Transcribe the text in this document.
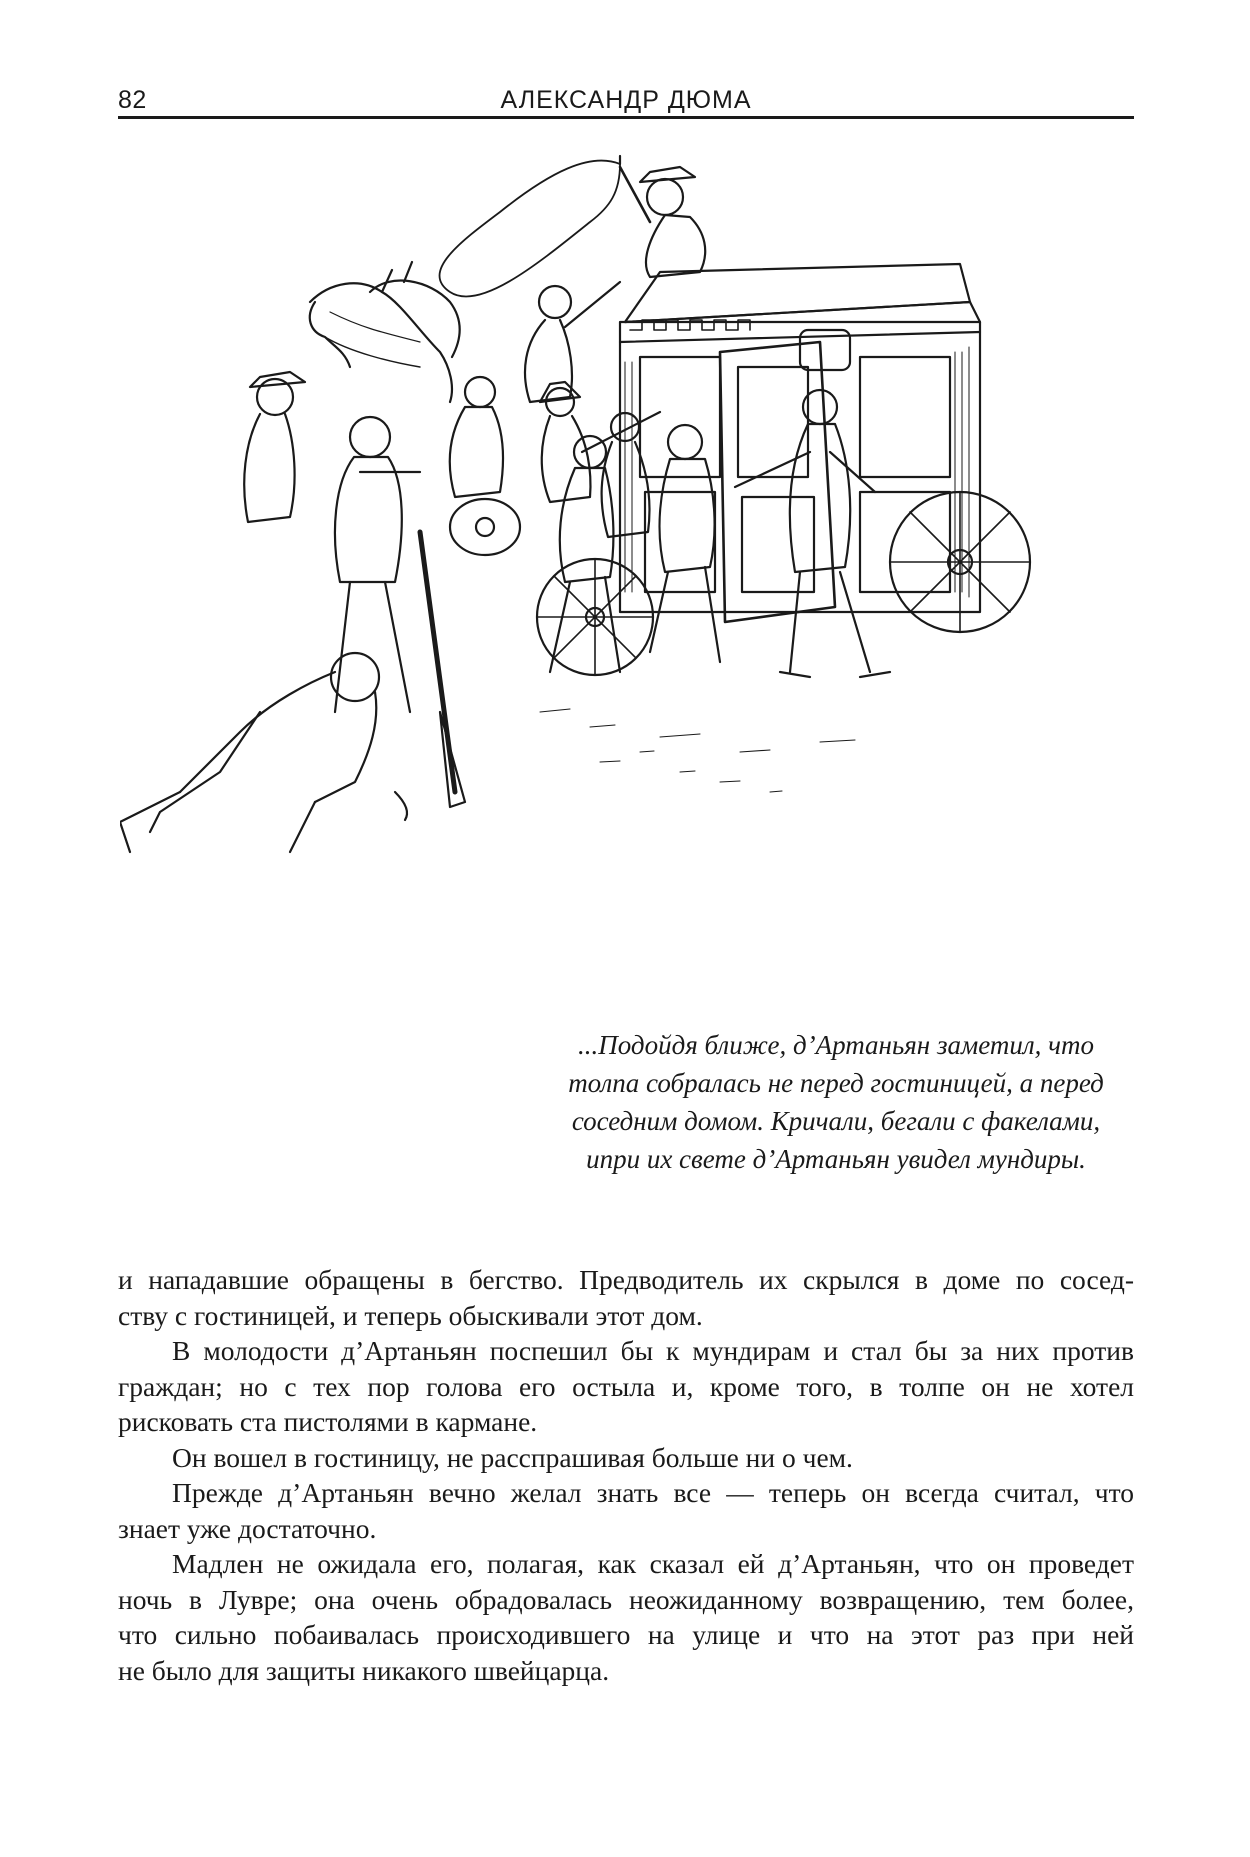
82	АЛЕКСАНДР ДЮМА
...Подойдя ближе, д’Артаньян заметил, что
толпа собралась не перед гостиницей, а перед
соседним домом. Кричали, бегали с факелами,
ипри их свете д’Артаньян увидел мундиры.

и нападавшие обращены в бегство. Предводитель их скрылся в доме по сосед-
ству с гостиницей, и теперь обыскивали этот дом.

В молодости д’Артаньян поспешил бы к мундирам и стал бы за них против
граждан; но с тех пор голова его остыла и, кроме того, в толпе он не хотел
рисковать ста пистолями в кармане.

Он вошел в гостиницу, не расспрашивая больше ни о чем.

Прежде д’Артаньян вечно желал знать все — теперь он всегда считал, что
знает уже достаточно.

Мадлен не ожидала его, полагая, как сказал ей д’Артаньян, что он проведет
ночь в Лувре; она очень обрадовалась неожиданному возвращению, тем более,
что сильно побаивалась происходившего на улице и что на этот раз при ней
не было для защиты никакого швейцарца.
